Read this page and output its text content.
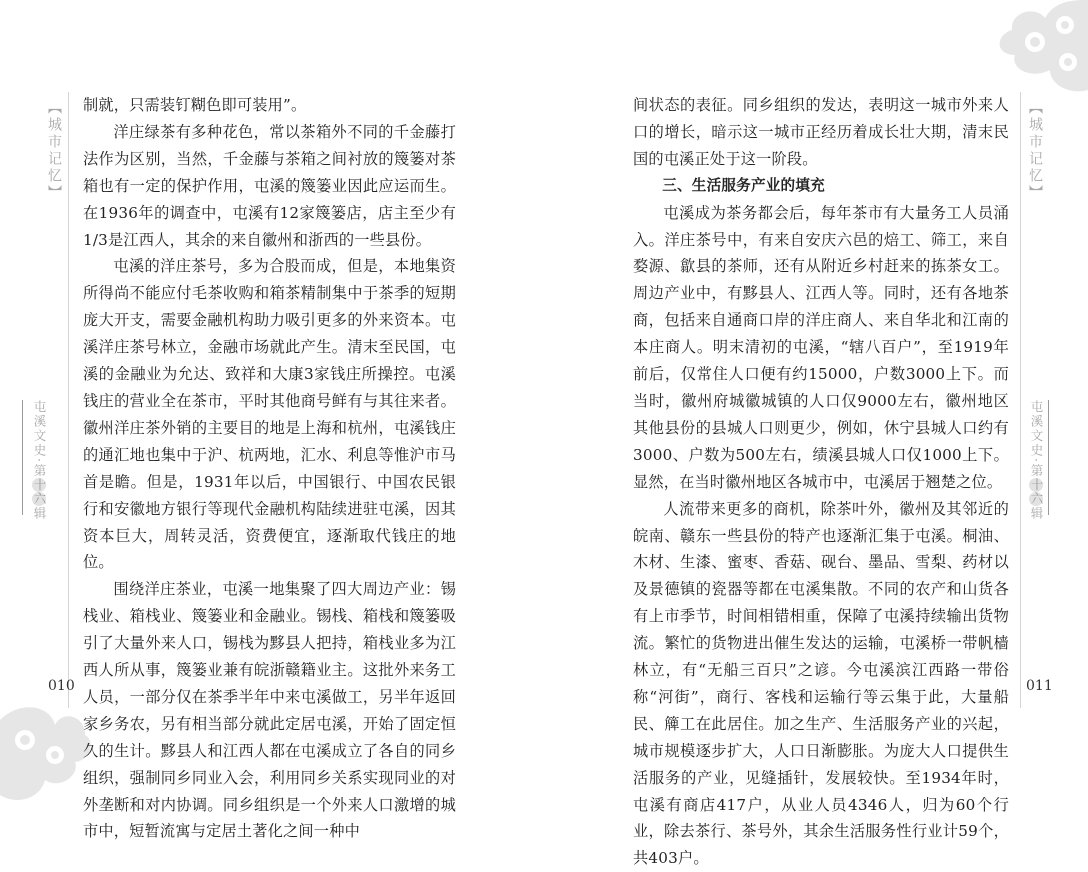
【城市记忆】
屯溪文史·第十六辑
010

制就，只需装钉糊色即可装用”。

洋庄绿茶有多种花色，常以茶箱外不同的千金藤打法作为区别，当然，千金藤与茶箱之间衬放的篾篓对茶箱也有一定的保护作用，屯溪的篾篓业因此应运而生。在1936年的调查中，屯溪有12家篾篓店，店主至少有1/3是江西人，其余的来自徽州和浙西的一些县份。

屯溪的洋庄茶号，多为合股而成，但是，本地集资所得尚不能应付毛茶收购和箱茶精制集中于茶季的短期庞大开支，需要金融机构助力吸引更多的外来资本。屯溪洋庄茶号林立，金融市场就此产生。清末至民国，屯溪的金融业为允达、致祥和大康3家钱庄所操控。屯溪钱庄的营业全在茶市，平时其他商号鲜有与其往来者。徽州洋庄茶外销的主要目的地是上海和杭州，屯溪钱庄的通汇地也集中于沪、杭两地，汇水、利息等惟沪市马首是瞻。但是，1931年以后，中国银行、中国农民银行和安徽地方银行等现代金融机构陆续进驻屯溪，因其资本巨大，周转灵活，资费便宜，逐渐取代钱庄的地位。

围绕洋庄茶业，屯溪一地集聚了四大周边产业：锡栈业、箱栈业、篾篓业和金融业。锡栈、箱栈和篾篓吸引了大量外来人口，锡栈为黟县人把持，箱栈业多为江西人所从事，篾篓业兼有皖浙赣籍业主。这批外来务工人员，一部分仅在茶季半年中来屯溪做工，另半年返回家乡务农，另有相当部分就此定居屯溪，开始了固定恒久的生计。黟县人和江西人都在屯溪成立了各自的同乡组织，强制同乡同业入会，利用同乡关系实现同业的对外垄断和对内协调。同乡组织是一个外来人口激增的城市中，短暂流寓与定居土著化之间一种中

【城市记忆】
屯溪文史·第十六辑
011

间状态的表征。同乡组织的发达，表明这一城市外来人口的增长，暗示这一城市正经历着成长壮大期，清末民国的屯溪正处于这一阶段。

三、生活服务产业的填充

屯溪成为茶务都会后，每年茶市有大量务工人员涌入。洋庄茶号中，有来自安庆六邑的焙工、筛工，来自婺源、歙县的茶师，还有从附近乡村赶来的拣茶女工。周边产业中，有黟县人、江西人等。同时，还有各地茶商，包括来自通商口岸的洋庄商人、来自华北和江南的本庄商人。明末清初的屯溪，“辖八百户”，至1919年前后，仅常住人口便有约15000，户数3000上下。而当时，徽州府城徽城镇的人口仅9000左右，徽州地区其他县份的县城人口则更少，例如，休宁县城人口约有3000、户数为500左右，绩溪县城人口仅1000上下。显然，在当时徽州地区各城市中，屯溪居于翘楚之位。

人流带来更多的商机，除茶叶外，徽州及其邻近的皖南、赣东一些县份的特产也逐渐汇集于屯溪。桐油、木材、生漆、蜜枣、香菇、砚台、墨品、雪梨、药材以及景德镇的瓷器等都在屯溪集散。不同的农产和山货各有上市季节，时间相错相重，保障了屯溪持续输出货物流。繁忙的货物进出催生发达的运输，屯溪桥一带帆樯林立，有“无船三百只”之谚。今屯溪滨江西路一带俗称“河街”，商行、客栈和运输行等云集于此，大量船民、簰工在此居住。加之生产、生活服务产业的兴起，城市规模逐步扩大，人口日渐膨胀。为庞大人口提供生活服务的产业，见缝插针，发展较快。至1934年时，屯溪有商店417户，从业人员4346人，归为60个行业，除去茶行、茶号外，其余生活服务性行业计59个，共403户。
